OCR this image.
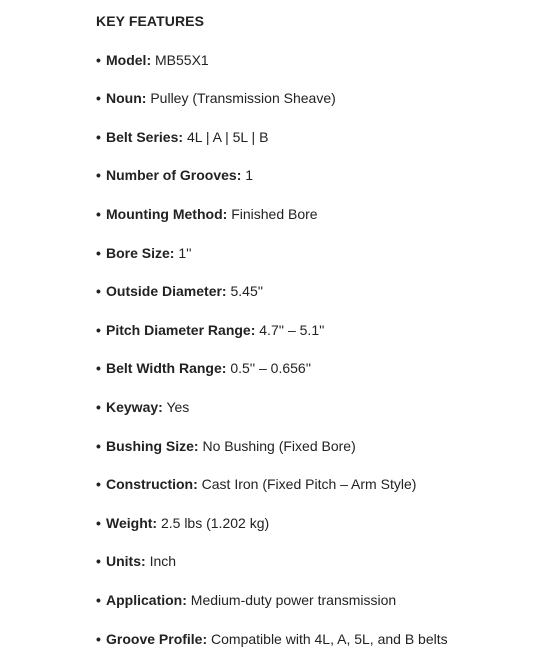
KEY FEATURES
• Model: MB55X1
• Noun: Pulley (Transmission Sheave)
• Belt Series: 4L | A | 5L | B
• Number of Grooves: 1
• Mounting Method: Finished Bore
• Bore Size: 1''
• Outside Diameter: 5.45''
• Pitch Diameter Range: 4.7'' – 5.1''
• Belt Width Range: 0.5'' – 0.656''
• Keyway: Yes
• Bushing Size: No Bushing (Fixed Bore)
• Construction: Cast Iron (Fixed Pitch – Arm Style)
• Weight: 2.5 lbs (1.202 kg)
• Units: Inch
• Application: Medium-duty power transmission
• Groove Profile: Compatible with 4L, A, 5L, and B belts
